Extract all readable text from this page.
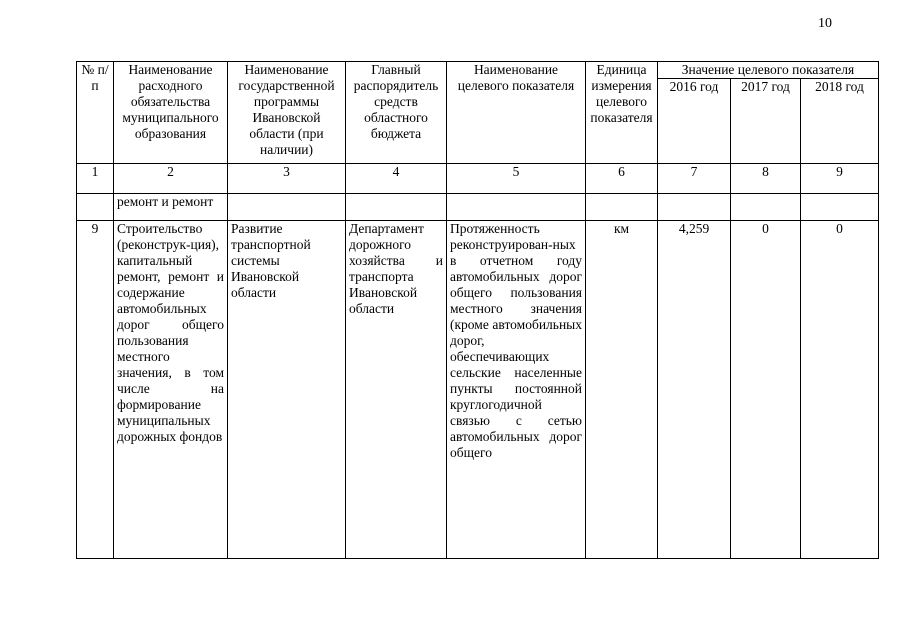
10
№ п/п	Наименование расходного обязательства муниципального образования	Наименование государственной программы Ивановской области (при наличии)	Главный распорядитель средств областного бюджета	Наименование целевого показателя	Единица измерения целевого показателя	Значение целевого показателя		
						2016 год	2017 год	2018 год
1	2	3	4	5	6	7	8	9
	ремонт и ремонт							
9	Строительство (реконструк-ция), капитальный ремонт, ремонт и содержание автомобильных дорог общего пользования местного значения, в том числе на формирование муниципальных дорожных фондов	Развитие транспортной системы Ивановской области	Департамент дорожного хозяйства и транспорта Ивановской области	Протяженность реконструирован-ных в отчетном году автомобильных дорог общего пользования местного значения (кроме автомобильных дорог, обеспечивающих сельские населенные пункты постоянной круглогодичной связью с сетью автомобильных дорог общего	км	4,259	0	0
